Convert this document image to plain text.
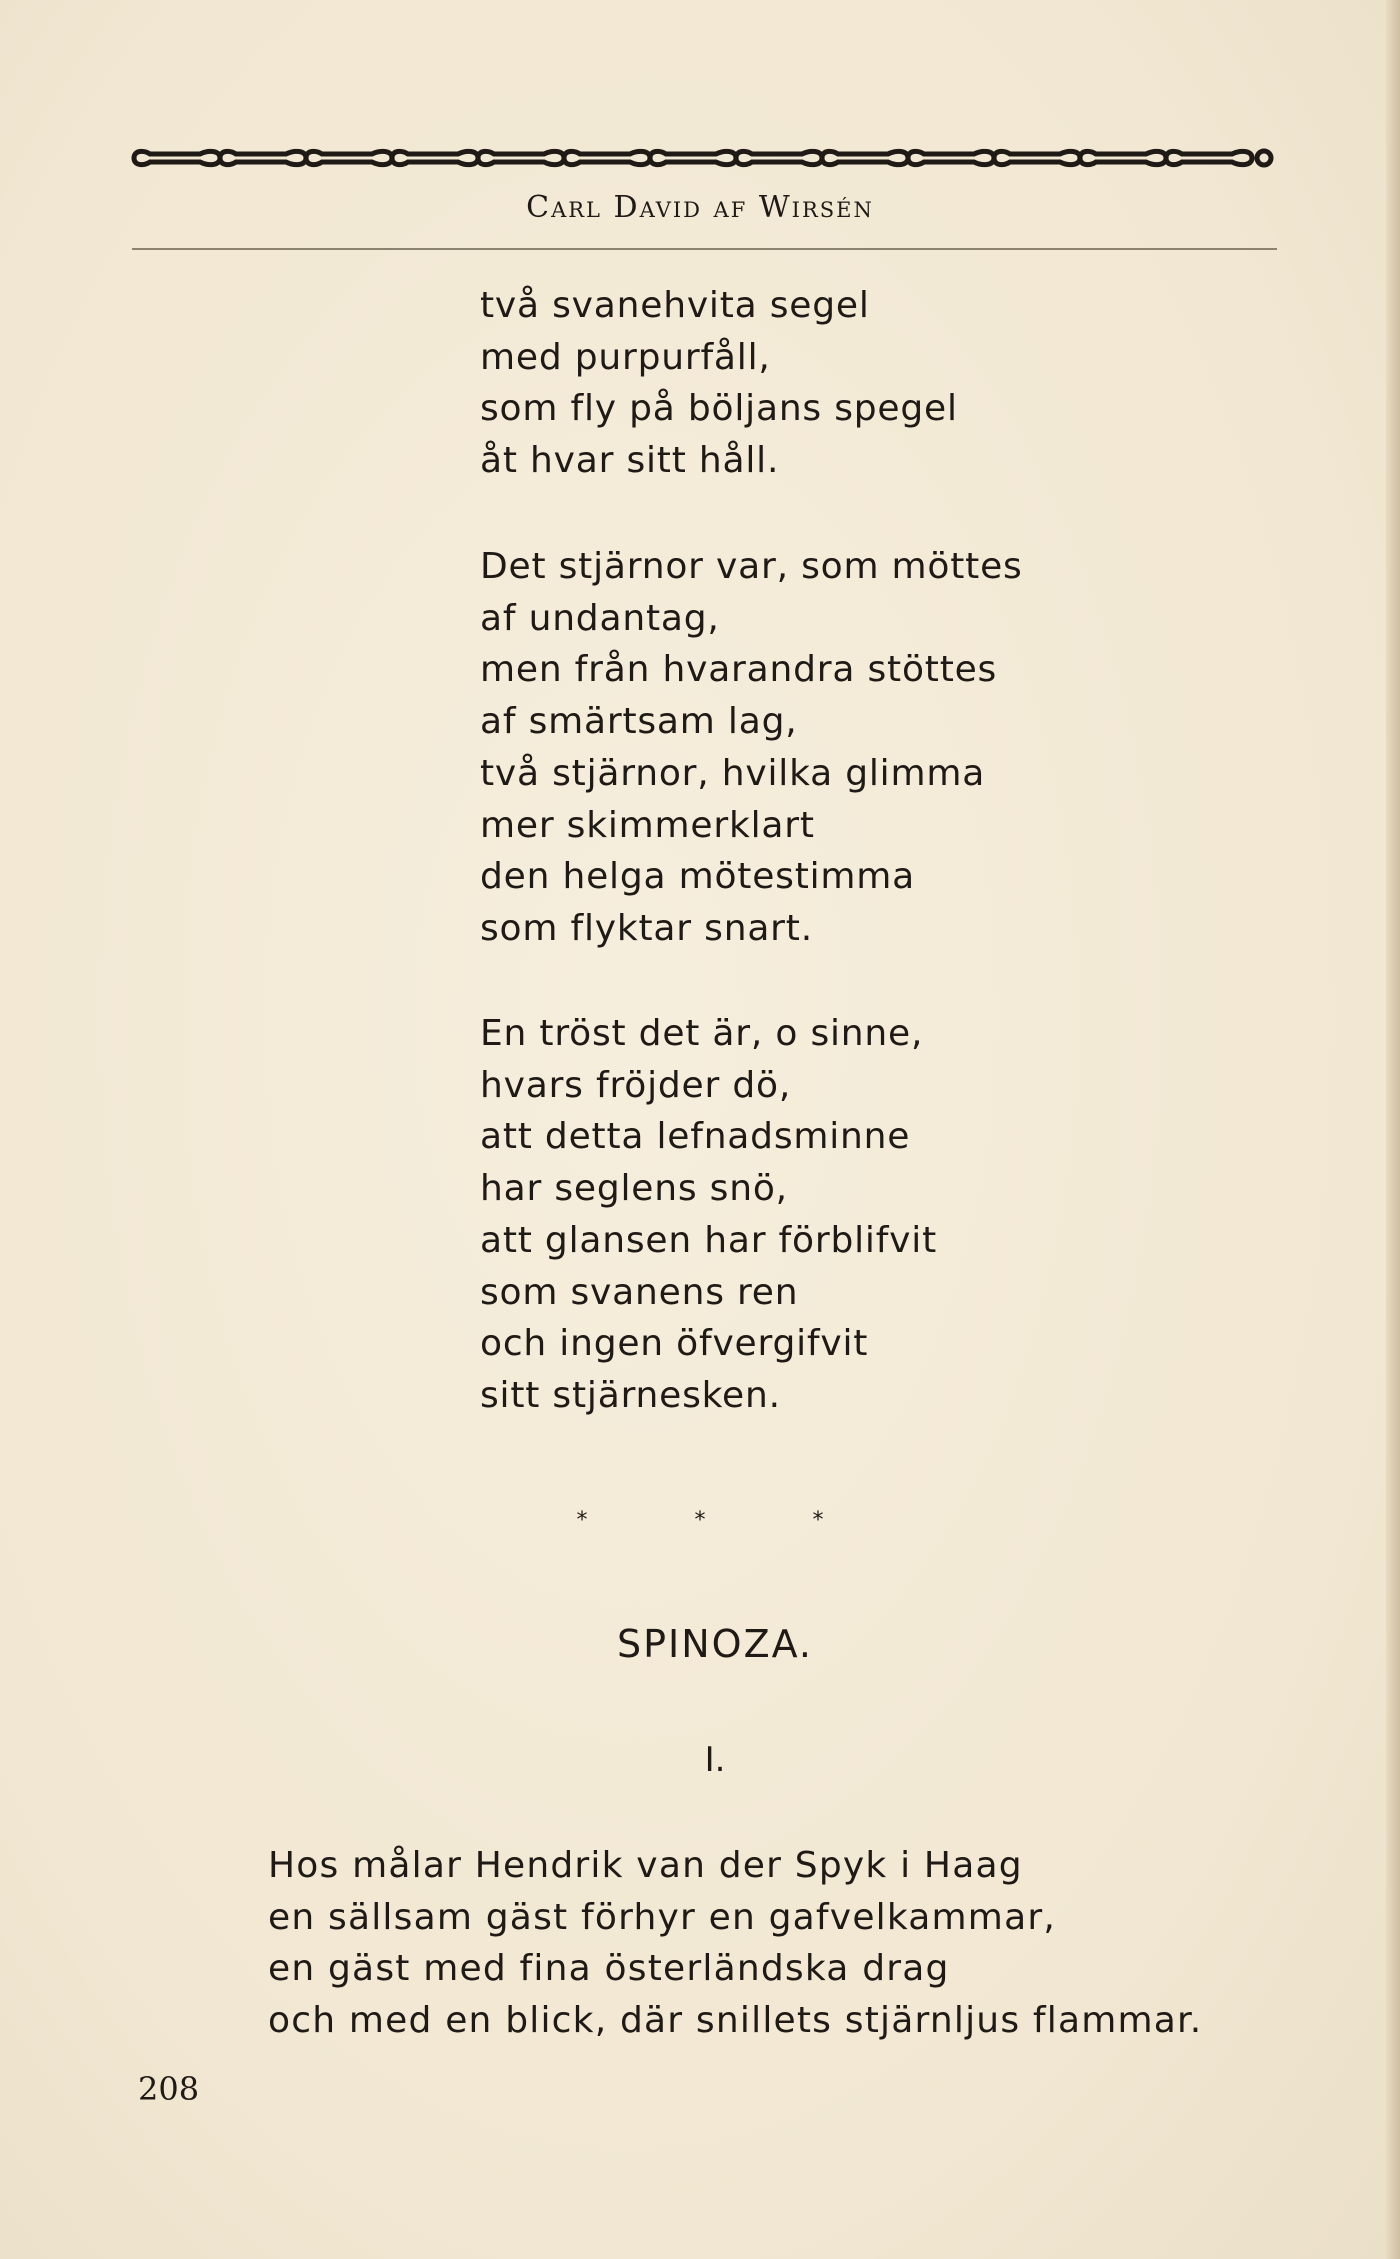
Carl David af Wirsén
två svanehvita segel
med purpurfåll,
som fly på böljans spegel
åt hvar sitt håll.
Det stjärnor var, som möttes
af undantag,
men från hvarandra stöttes
af smärtsam lag,
två stjärnor, hvilka glimma
mer skimmerklart
den helga mötestimma
som flyktar snart.
En tröst det är, o sinne,
hvars fröjder dö,
att detta lefnadsminne
har seglens snö,
att glansen har förblifvit
som svanens ren
och ingen öfvergifvit
sitt stjärnesken.
* * *
SPINOZA.
I.
Hos målar Hendrik van der Spyk i Haag
en sällsam gäst förhyr en gafvelkammar,
en gäst med fina österländska drag
och med en blick, där snillets stjärnljus flammar.
208
